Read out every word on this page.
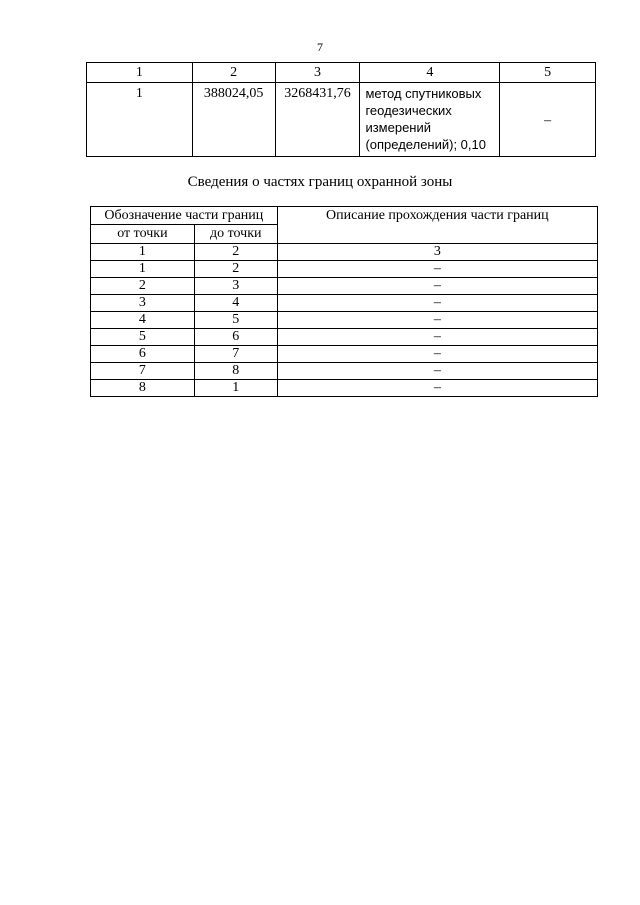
7
1	2	3	4	5
1	388024,05	3268431,76	метод спутниковых
геодезических
измерений
(определений); 0,10	–
Сведения о частях границ охранной зоны
Обозначение части границ		Описание прохождения части границ
от точки	до точки	
1	2	3
1	2	–
2	3	–
3	4	–
4	5	–
5	6	–
6	7	–
7	8	–
8	1	–
